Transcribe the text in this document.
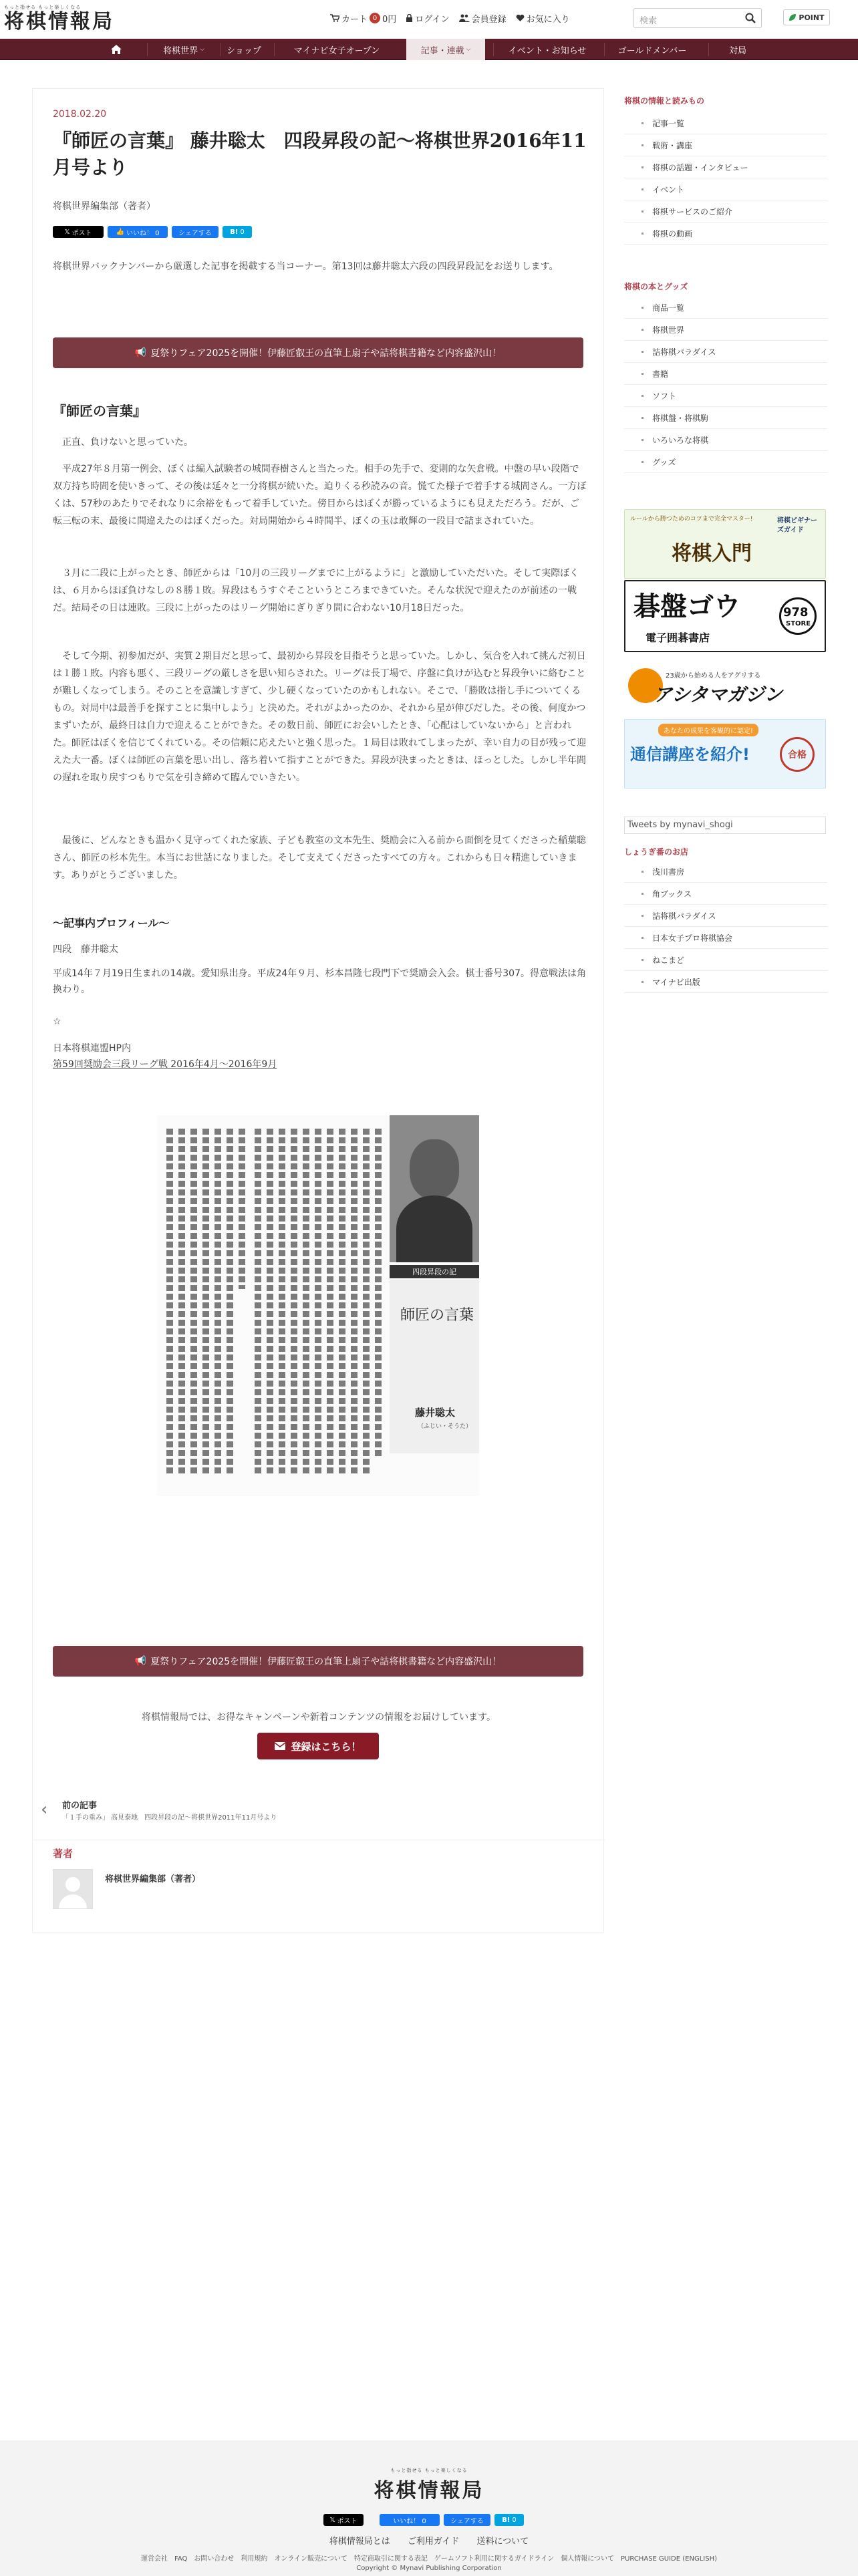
もっと指せる もっと楽しくなる
将棋情報局	カート 0 0円 ログイン	会員登録 お気に入り	検索	POINT
将棋世界 ⌵	ショップ	マイナビ女子オープン	記事・連載 ⌵	イベント・お知らせ	ゴールドメンバー	対局
2018.02.20
『師匠の言葉』 藤井聡太　四段昇段の記〜将棋世界2016年11月号より
将棋世界編集部（著者）
𝕏 ポスト	👍 いいね！ 0	シェアする	B! 0
将棋世界バックナンバーから厳選した記事を掲載する当コーナー。第13回は藤井聡太六段の四段昇段記をお送りします。
📢 夏祭りフェア2025を開催！伊藤匠叡王の直筆上扇子や詰将棋書籍など内容盛沢山！
『師匠の言葉』
正直、負けないと思っていた。
平成27年８月第一例会、ぼくは編入試験者の城間春樹さんと当たった。相手の先手で、変則的な矢倉戦。中盤の早い段階で双方持ち時間を使いきって、その後は延々と一分将棋が続いた。迫りくる秒読みの音。慌てた様子で着手する城間さん。一方ぼくは、57秒のあたりでそれなりに余裕をもって着手していた。傍目からはぼくが勝っているようにも見えただろう。だが、ご転三転の末、最後に間違えたのはぼくだった。対局開始から４時間半、ぼくの玉は敢輝の一段目で詰まされていた。
３月に二段に上がったとき、師匠からは「10月の三段リーグまでに上がるように」と激励していただいた。そして実際ぼくは、６月からほぼ負けなしの８勝１敗。昇段はもうすぐそこというところまできていた。そんな状況で迎えたのが前述の一戦だ。結局その日は連敗。三段に上がったのはリーグ開始にぎりぎり間に合わない10月18日だった。
そして今期、初参加だが、実質２期目だと思って、最初から昇段を目指そうと思っていた。しかし、気合を入れて挑んだ初日は１勝１敗。内容も悪く、三段リーグの厳しさを思い知らされた。リーグは長丁場で、序盤に負けが込むと昇段争いに絡むことが難しくなってしまう。そのことを意識しすぎて、少し硬くなっていたのかもしれない。そこで、「勝敗は指し手についてくるもの。対局中は最善手を探すことに集中しよう」と決めた。それがよかったのか、それから星が伸びだした。その後、何度かつまずいたが、最終日は自力で迎えることができた。その数日前、師匠にお会いしたとき、「心配はしていないから」と言われた。師匠はぼくを信じてくれている。その信頼に応えたいと強く思った。１局目は敗れてしまったが、幸い自力の目が残って迎えた大一番。ぼくは師匠の言葉を思い出し、落ち着いて指すことができた。昇段が決まったときは、ほっとした。しかし半年間の遅れを取り戻すつもりで気を引き締めて臨んでいきたい。
最後に、どんなときも温かく見守ってくれた家族、子ども教室の文本先生、奨励会に入る前から面倒を見てくださった稲葉聡さん、師匠の杉本先生。本当にお世話になりました。そして支えてくださったすべての方々。これからも日々精進していきます。ありがとうございました。
〜記事内プロフィール〜
四段　藤井聡太
平成14年７月19日生まれの14歳。愛知県出身。平成24年９月、杉本昌隆七段門下で奨励会入会。棋士番号307。得意戦法は角換わり。
☆
日本将棋連盟HP内
第59回奨励会三段リーグ戦 2016年4月〜2016年9月
四段昇段の記
師匠の言葉
藤井聡太
（ふじい・そうた）
📢 夏祭りフェア2025を開催！伊藤匠叡王の直筆上扇子や詰将棋書籍など内容盛沢山！
将棋情報局では、お得なキャンペーンや新着コンテンツの情報をお届けしています。
登録はこちら！
‹ 前の記事
「１手の重み」 高見泰地　四段昇段の記〜将棋世界2011年11月号より
著者
将棋世界編集部（著者）
将棋の情報と読みもの
記事一覧
戦術・講座
将棋の話題・インタビュー
イベント
将棋サービスのご紹介
将棋の動画
将棋の本とグッズ
商品一覧
将棋世界
詰将棋パラダイス
書籍
ソフト
将棋盤・将棋駒
いろいろな将棋
グッズ
ルールから勝つためのコツまで完全マスター!
将棋入門
将棋ビギナーズガイド
碁盤ゴウ
電子囲碁書店
978
STORE
23歳から始める人をアグリする
アシタマガジン
あなたの成果を客観的に認定!
通信講座を紹介!	合格
Tweets by mynavi_shogi
しょうぎ番のお店
浅川書房
角ブックス
詰将棋パラダイス
日本女子プロ将棋協会
ねこまど
マイナビ出版
もっと指せる もっと楽しくなる
将棋情報局
𝕏 ポスト	いいね！ 0	シェアする	B! 0
将棋情報局とは ご利用ガイド 送料について
運営会社　FAQ　お問い合わせ　利用規約　オンライン販売について　特定商取引に関する表記　ゲームソフト利用に関するガイドライン　個人情報について　PURCHASE GUIDE (ENGLISH)
Copyright © Mynavi Publishing Corporation
